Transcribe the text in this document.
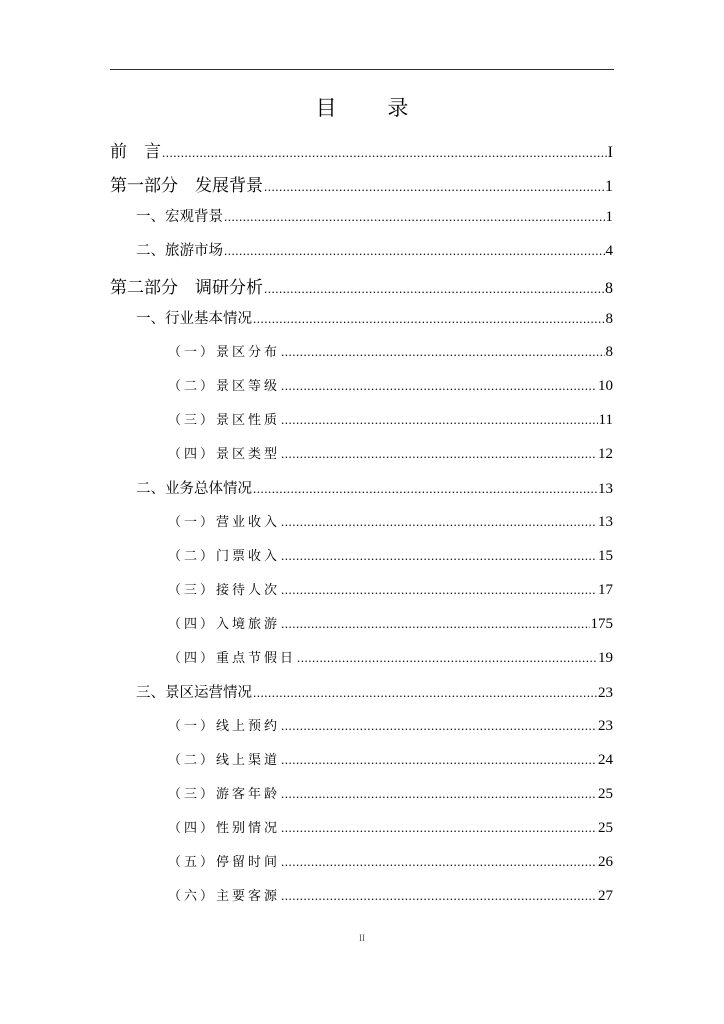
目 录
前　言 .....	I
第一部分　发展背景 .....	1
一、宏观背景 .....	1
二、旅游市场 .....	4
第二部分　调研分析 .....	8
一、行业基本情况 .....	8
（一）景区分布 .....	8
（二）景区等级 .....	10
（三）景区性质 .....	11
（四）景区类型 .....	12
二、业务总体情况 .....	13
（一）营业收入 .....	13
（二）门票收入 .....	15
（三）接待人次 .....	17
（四）入境旅游 .....	175
（四）重点节假日 .....	19
三、景区运营情况 .....	23
（一）线上预约 .....	23
（二）线上渠道 .....	24
（三）游客年龄 .....	25
（四）性别情况 .....	25
（五）停留时间 .....	26
（六）主要客源 .....	27
II
